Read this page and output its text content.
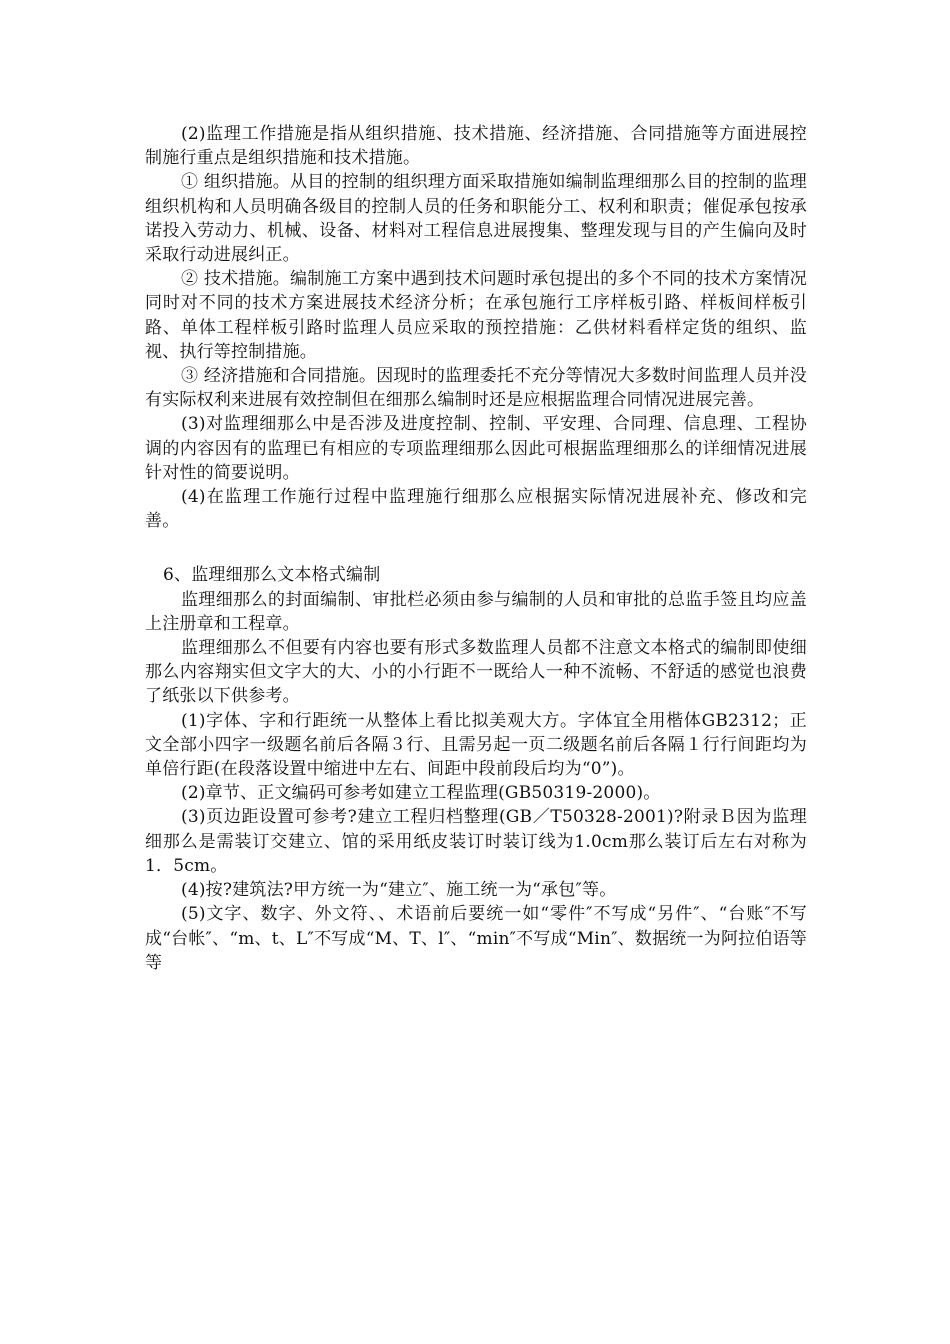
(2)监理工作措施是指从组织措施、技术措施、经济措施、合同措施等方面进展控制施行重点是组织措施和技术措施。

① 组织措施。从目的控制的组织理方面采取措施如编制监理细那么目的控制的监理组织机构和人员明确各级目的控制人员的任务和职能分工、权利和职责；催促承包按承诺投入劳动力、机械、设备、材料对工程信息进展搜集、整理发现与目的产生偏向及时采取行动进展纠正。

② 技术措施。编制施工方案中遇到技术问题时承包提出的多个不同的技术方案情况同时对不同的技术方案进展技术经济分析；在承包施行工序样板引路、样板间样板引路、单体工程样板引路时监理人员应采取的预控措施：乙供材料看样定货的组织、监视、执行等控制措施。

③ 经济措施和合同措施。因现时的监理委托不充分等情况大多数时间监理人员并没有实际权利来进展有效控制但在细那么编制时还是应根据监理合同情况进展完善。

(3)对监理细那么中是否涉及进度控制、控制、平安理、合同理、信息理、工程协调的内容因有的监理已有相应的专项监理细那么因此可根据监理细那么的详细情况进展针对性的简要说明。

(4)在监理工作施行过程中监理施行细那么应根据实际情况进展补充、修改和完善。

6、监理细那么文本格式编制

监理细那么的封面编制、审批栏必须由参与编制的人员和审批的总监手签且均应盖上注册章和工程章。

监理细那么不但要有内容也要有形式多数监理人员都不注意文本格式的编制即使细那么内容翔实但文字大的大、小的小行距不一既给人一种不流畅、不舒适的感觉也浪费了纸张以下供参考。

(1)字体、字和行距统一从整体上看比拟美观大方。字体宜全用楷体GB2312；正文全部小四字一级题名前后各隔３行、且需另起一页二级题名前后各隔１行行间距均为单倍行距(在段落设置中缩进中左右、间距中段前段后均为“0”)。

(2)章节、正文编码可参考如建立工程监理(GB50319-2000)。

(3)页边距设置可参考?建立工程归档整理(GB／T50328-2001)?附录Ｂ因为监理细那么是需装订交建立、馆的采用纸皮装订时装订线为1.0cm那么装订后左右对称为1．5cm。

(4)按?建筑法?甲方统一为“建立″、施工统一为“承包″等。

(5)文字、数字、外文符、、术语前后要统一如“零件″不写成“另件″、“台账″不写成“台帐″、“m、t、L″不写成“M、T、l″、“min″不写成“Min″、数据统一为阿拉伯语等等
